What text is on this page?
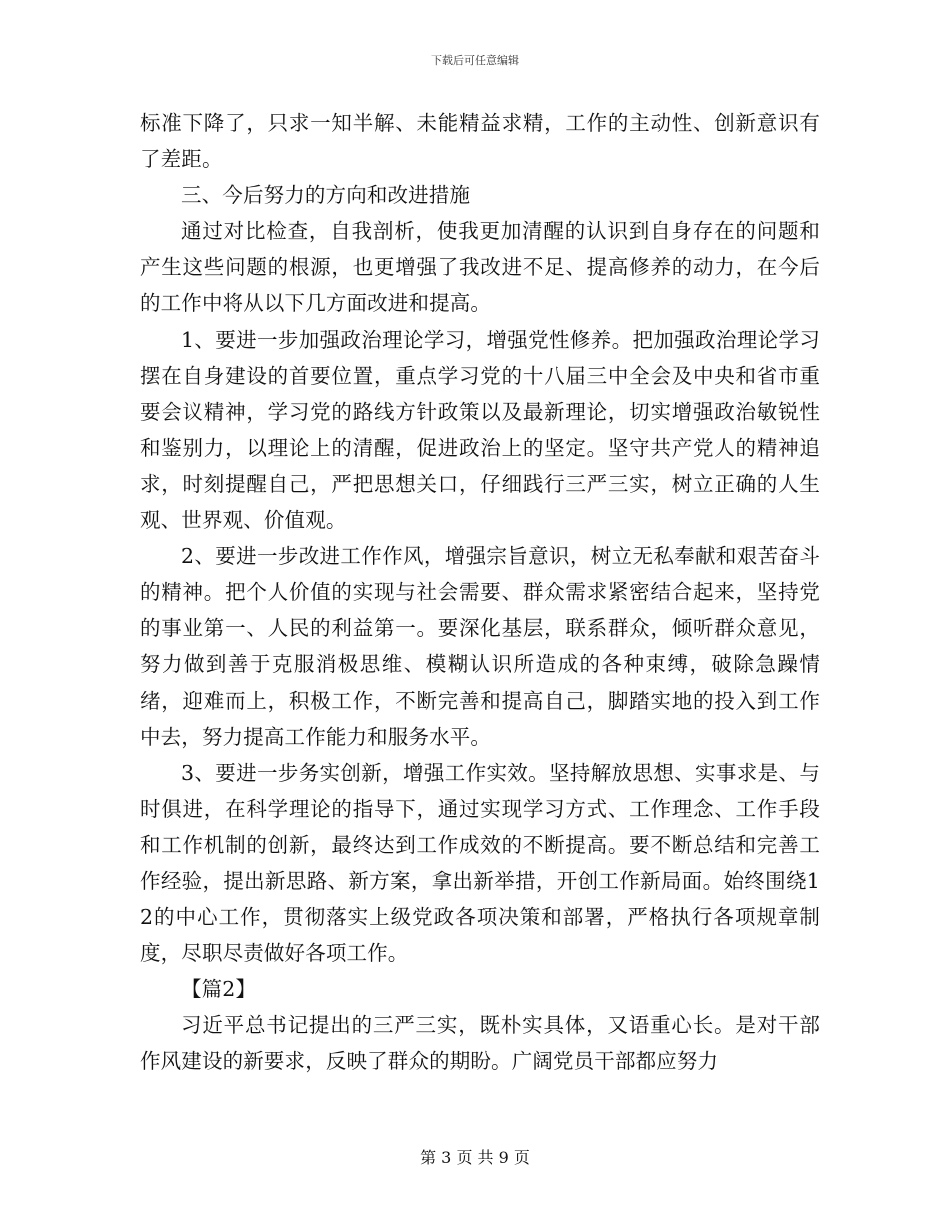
下载后可任意编辑

标准下降了，只求一知半解、未能精益求精，工作的主动性、创新意识有了差距。

三、今后努力的方向和改进措施

通过对比检查，自我剖析，使我更加清醒的认识到自身存在的问题和产生这些问题的根源，也更增强了我改进不足、提高修养的动力，在今后的工作中将从以下几方面改进和提高。

1、要进一步加强政治理论学习，增强党性修养。把加强政治理论学习摆在自身建设的首要位置，重点学习党的十八届三中全会及中央和省市重要会议精神，学习党的路线方针政策以及最新理论，切实增强政治敏锐性和鉴别力，以理论上的清醒，促进政治上的坚定。坚守共产党人的精神追求，时刻提醒自己，严把思想关口，仔细践行三严三实，树立正确的人生观、世界观、价值观。

2、要进一步改进工作作风，增强宗旨意识，树立无私奉献和艰苦奋斗的精神。把个人价值的实现与社会需要、群众需求紧密结合起来，坚持党的事业第一、人民的利益第一。要深化基层，联系群众，倾听群众意见，努力做到善于克服消极思维、模糊认识所造成的各种束缚，破除急躁情绪，迎难而上，积极工作，不断完善和提高自己，脚踏实地的投入到工作中去，努力提高工作能力和服务水平。

3、要进一步务实创新，增强工作实效。坚持解放思想、实事求是、与时俱进，在科学理论的指导下，通过实现学习方式、工作理念、工作手段和工作机制的创新，最终达到工作成效的不断提高。要不断总结和完善工作经验，提出新思路、新方案，拿出新举措，开创工作新局面。始终围绕12的中心工作，贯彻落实上级党政各项决策和部署，严格执行各项规章制度，尽职尽责做好各项工作。

【篇2】

习近平总书记提出的三严三实，既朴实具体，又语重心长。是对干部作风建设的新要求，反映了群众的期盼。广阔党员干部都应努力

第 3 页 共 9 页
